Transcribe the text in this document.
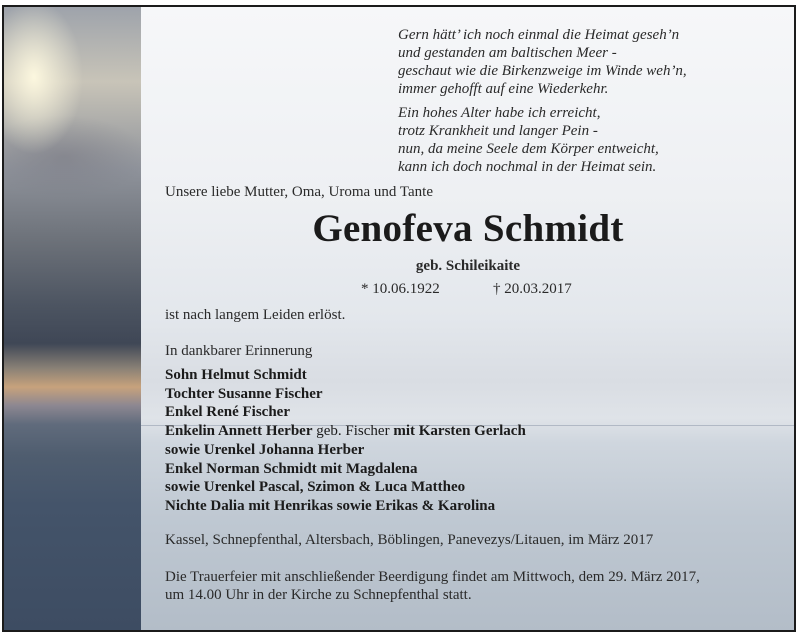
Gern hätt’ ich noch einmal die Heimat geseh’n
und gestanden am baltischen Meer -
geschaut wie die Birkenzweige im Winde weh’n,
immer gehofft auf eine Wiederkehr.
Ein hohes Alter habe ich erreicht,
trotz Krankheit und langer Pein -
nun, da meine Seele dem Körper entweicht,
kann ich doch nochmal in der Heimat sein.
Unsere liebe Mutter, Oma, Uroma und Tante
Genofeva Schmidt
geb. Schileikaite
* 10.06.1922	† 20.03.2017
ist nach langem Leiden erlöst.
In dankbarer Erinnerung
Sohn Helmut Schmidt
Tochter Susanne Fischer
Enkel René Fischer
Enkelin Annett Herber geb. Fischer mit Karsten Gerlach
sowie Urenkel Johanna Herber
Enkel Norman Schmidt mit Magdalena
sowie Urenkel Pascal, Szimon & Luca Mattheo
Nichte Dalia mit Henrikas sowie Erikas & Karolina
Kassel, Schnepfenthal, Altersbach, Böblingen, Panevezys/Litauen, im März 2017
Die Trauerfeier mit anschließender Beerdigung findet am Mittwoch, dem 29. März 2017,
um 14.00 Uhr in der Kirche zu Schnepfenthal statt.
